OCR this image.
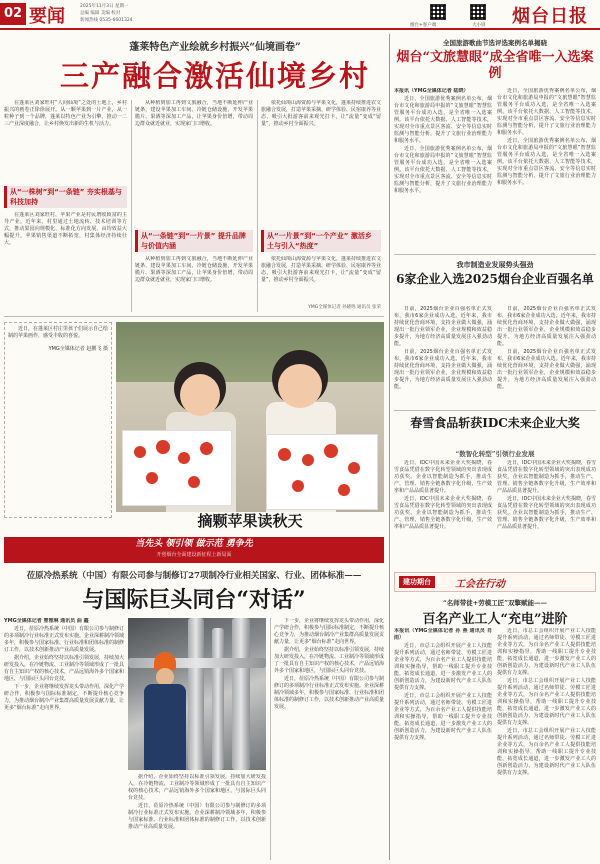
02 要闻	2025年11月3日 星期一
总编 编辑 美编 校对
新闻热线 0535-6601324
烟台+客户端	大小屏 烟台日报
蓬莱特色产业绘就乡村振兴“仙境画卷”
三产融合激活仙境乡村

在蓬莱区刘家旺村“人间仙境”之处的土地上，乡村振兴的画卷正徐徐展开。从一颗苹果到一片产业，从一粒种子到一个品牌，蓬莱以特色产业为引擎，推动一二三产业深度融合，让乡村焕发出新的生机与活力。

从“一株树”到“一条链” 夯实根基与科技加持

在蓬莱区刘家旺村，苹果产业是村民增收致富的主导产业。近年来，村里通过土地流转、技术培训等方式，推动果园向规模化、标准化方向发展，亩均效益大幅提升，苹果销售渠道不断拓宽，村集体经济持续壮大。

从种植到加工再到文旅融合，当地不断延伸产业链条，建设苹果加工车间、冷链仓储设施，开发苹果脆片、果酒等深加工产品，让苹果身价倍增，带动周边群众就近就业，实现家门口增收。

从“一条链”到“一片景” 提升品牌与价值内涵

从种植到加工再到文旅融合，当地不断延伸产业链条，建设苹果加工车间、冷链仓储设施，开发苹果脆片、果酒等深加工产品，让苹果身价倍增，带动周边群众就近就业，实现家门口增收。

依托仙境山海资源与苹果文化，蓬莱持续推进农文旅融合发展，打造苹果采摘、研学体验、民宿康养等业态，吸引大批游客前来观光打卡，让“流量”变成“留量”，推动乡村全面振兴。

从“一片景”到“一个产业” 激活乡土与引入“热度”

依托仙境山海资源与苹果文化，蓬莱持续推进农文旅融合发展，打造苹果采摘、研学体验、民宿康养等业态，吸引大批游客前来观光打卡，让“流量”变成“留量”，推动乡村全面振兴。

YMG全媒体记者 孙晓鸣 通讯员 张荣

近日，在蓬莱区村庄里孩子们展示自己绘制的苹果画作，感受丰收的喜悦。

YMG全媒体记者 赵鹏飞 摄

摘颗苹果读秋天
当先头 领引领 做示范 勇争先
开创烟台全面建设新征程上新局面
莅原冷热系统（中国）有限公司参与制修订27项制冷行业相关国家、行业、团体标准——
与国际巨头同台“对话”

YMG全媒体记者 曹雅琳 通讯员 曲 鑫

近日，莅原冷热系统（中国）有限公司参与制修订的多项制冷行业标准正式发布实施。企业深耕制冷领域多年，积极参与国家标准、行业标准和团体标准的制修订工作，以技术创新推动产业高质量发展。

据介绍，企业始终坚持以标准引领发展，持续加大研发投入，在冷链物流、工业制冷等领域形成了一批具有自主知识产权的核心技术，产品远销海外多个国家和地区，与国际巨头同台竞技。

下一步，企业将继续发挥龙头带动作用，深化产学研合作，积极参与国际标准制定，不断提升核心竞争力，为推动烟台制冷产业集群高质量发展贡献力量，让更多“烟台标准”走向世界。

据介绍，企业始终坚持以标准引领发展，持续加大研发投入，在冷链物流、工业制冷等领域形成了一批具有自主知识产权的核心技术，产品远销海外多个国家和地区，与国际巨头同台竞技。

近日，莅原冷热系统（中国）有限公司参与制修订的多项制冷行业标准正式发布实施。企业深耕制冷领域多年，积极参与国家标准、行业标准和团体标准的制修订工作，以技术创新推动产业高质量发展。

下一步，企业将继续发挥龙头带动作用，深化产学研合作，积极参与国际标准制定，不断提升核心竞争力，为推动烟台制冷产业集群高质量发展贡献力量，让更多“烟台标准”走向世界。

据介绍，企业始终坚持以标准引领发展，持续加大研发投入，在冷链物流、工业制冷等领域形成了一批具有自主知识产权的核心技术，产品远销海外多个国家和地区，与国际巨头同台竞技。

近日，莅原冷热系统（中国）有限公司参与制修订的多项制冷行业标准正式发布实施。企业深耕制冷领域多年，积极参与国家标准、行业标准和团体标准的制修订工作，以技术创新推动产业高质量发展。

全国旅游歌曲节选评选案例名单揭晓
烟台“文旅慧眼”成全省唯一入选案例

本报讯（YMG全媒体记者 陆晓）

近日，全国旅游优秀案例名单公布，烟台市文化和旅游局申报的“文旅慧眼”智慧监管服务平台成功入选，是全省唯一入选案例。该平台依托大数据、人工智能等技术，实现对全市重点景区客流、安全等信息实时监测与智能分析，提升了文旅行业治理能力和服务水平。

近日，全国旅游优秀案例名单公布，烟台市文化和旅游局申报的“文旅慧眼”智慧监管服务平台成功入选，是全省唯一入选案例。该平台依托大数据、人工智能等技术，实现对全市重点景区客流、安全等信息实时监测与智能分析，提升了文旅行业治理能力和服务水平。

近日，全国旅游优秀案例名单公布，烟台市文化和旅游局申报的“文旅慧眼”智慧监管服务平台成功入选，是全省唯一入选案例。该平台依托大数据、人工智能等技术，实现对全市重点景区客流、安全等信息实时监测与智能分析，提升了文旅行业治理能力和服务水平。

近日，全国旅游优秀案例名单公布，烟台市文化和旅游局申报的“文旅慧眼”智慧监管服务平台成功入选，是全省唯一入选案例。该平台依托大数据、人工智能等技术，实现对全市重点景区客流、安全等信息实时监测与智能分析，提升了文旅行业治理能力和服务水平。

我市制造业发展势头强劲
6家企业入选2025烟台企业百强名单

日前，2025烟台企业百强名单正式发布，我市6家企业成功入选。近年来，我市持续优化营商环境，支持企业做大做强，涌现出一批行业领军企业，企业规模和效益稳步提升，为地方经济高质量发展注入强劲动能。

日前，2025烟台企业百强名单正式发布，我市6家企业成功入选。近年来，我市持续优化营商环境，支持企业做大做强，涌现出一批行业领军企业，企业规模和效益稳步提升，为地方经济高质量发展注入强劲动能。

日前，2025烟台企业百强名单正式发布，我市6家企业成功入选。近年来，我市持续优化营商环境，支持企业做大做强，涌现出一批行业领军企业，企业规模和效益稳步提升，为地方经济高质量发展注入强劲动能。

日前，2025烟台企业百强名单正式发布，我市6家企业成功入选。近年来，我市持续优化营商环境，支持企业做大做强，涌现出一批行业领军企业，企业规模和效益稳步提升，为地方经济高质量发展注入强劲动能。

春雪食品斩获IDC未来企业大奖
“数智化转型”引领行业发展

近日，IDC中国未来企业大奖揭晓，春雪食品凭借在数字化转型领域的突出表现成功获奖。企业以智能制造为抓手，推动生产、管理、销售全链条数字化升级，生产效率和产品品质显著提升。

近日，IDC中国未来企业大奖揭晓，春雪食品凭借在数字化转型领域的突出表现成功获奖。企业以智能制造为抓手，推动生产、管理、销售全链条数字化升级，生产效率和产品品质显著提升。

近日，IDC中国未来企业大奖揭晓，春雪食品凭借在数字化转型领域的突出表现成功获奖。企业以智能制造为抓手，推动生产、管理、销售全链条数字化升级，生产效率和产品品质显著提升。

近日，IDC中国未来企业大奖揭晓，春雪食品凭借在数字化转型领域的突出表现成功获奖。企业以智能制造为抓手，推动生产、管理、销售全链条数字化升级，生产效率和产品品质显著提升。

建功期台	工会在行动
“名师带徒+劳模工匠”双擎赋能——
百名产业工人“充电”进阶

本报讯（YMG全媒体记者 孙 燕 通讯员 肖 雨）

近日，市总工会组织开展产业工人技能提升系列活动，通过名师带徒、劳模工匠进企业等方式，为百余名产业工人提供技能培训和实操指导，帮助一线职工提升专业技能，拓宽成长通道，进一步激发产业工人的创新创造活力，为建设新时代产业工人队伍提供有力支撑。

近日，市总工会组织开展产业工人技能提升系列活动，通过名师带徒、劳模工匠进企业等方式，为百余名产业工人提供技能培训和实操指导，帮助一线职工提升专业技能，拓宽成长通道，进一步激发产业工人的创新创造活力，为建设新时代产业工人队伍提供有力支撑。

近日，市总工会组织开展产业工人技能提升系列活动，通过名师带徒、劳模工匠进企业等方式，为百余名产业工人提供技能培训和实操指导，帮助一线职工提升专业技能，拓宽成长通道，进一步激发产业工人的创新创造活力，为建设新时代产业工人队伍提供有力支撑。

近日，市总工会组织开展产业工人技能提升系列活动，通过名师带徒、劳模工匠进企业等方式，为百余名产业工人提供技能培训和实操指导，帮助一线职工提升专业技能，拓宽成长通道，进一步激发产业工人的创新创造活力，为建设新时代产业工人队伍提供有力支撑。

近日，市总工会组织开展产业工人技能提升系列活动，通过名师带徒、劳模工匠进企业等方式，为百余名产业工人提供技能培训和实操指导，帮助一线职工提升专业技能，拓宽成长通道，进一步激发产业工人的创新创造活力，为建设新时代产业工人队伍提供有力支撑。
